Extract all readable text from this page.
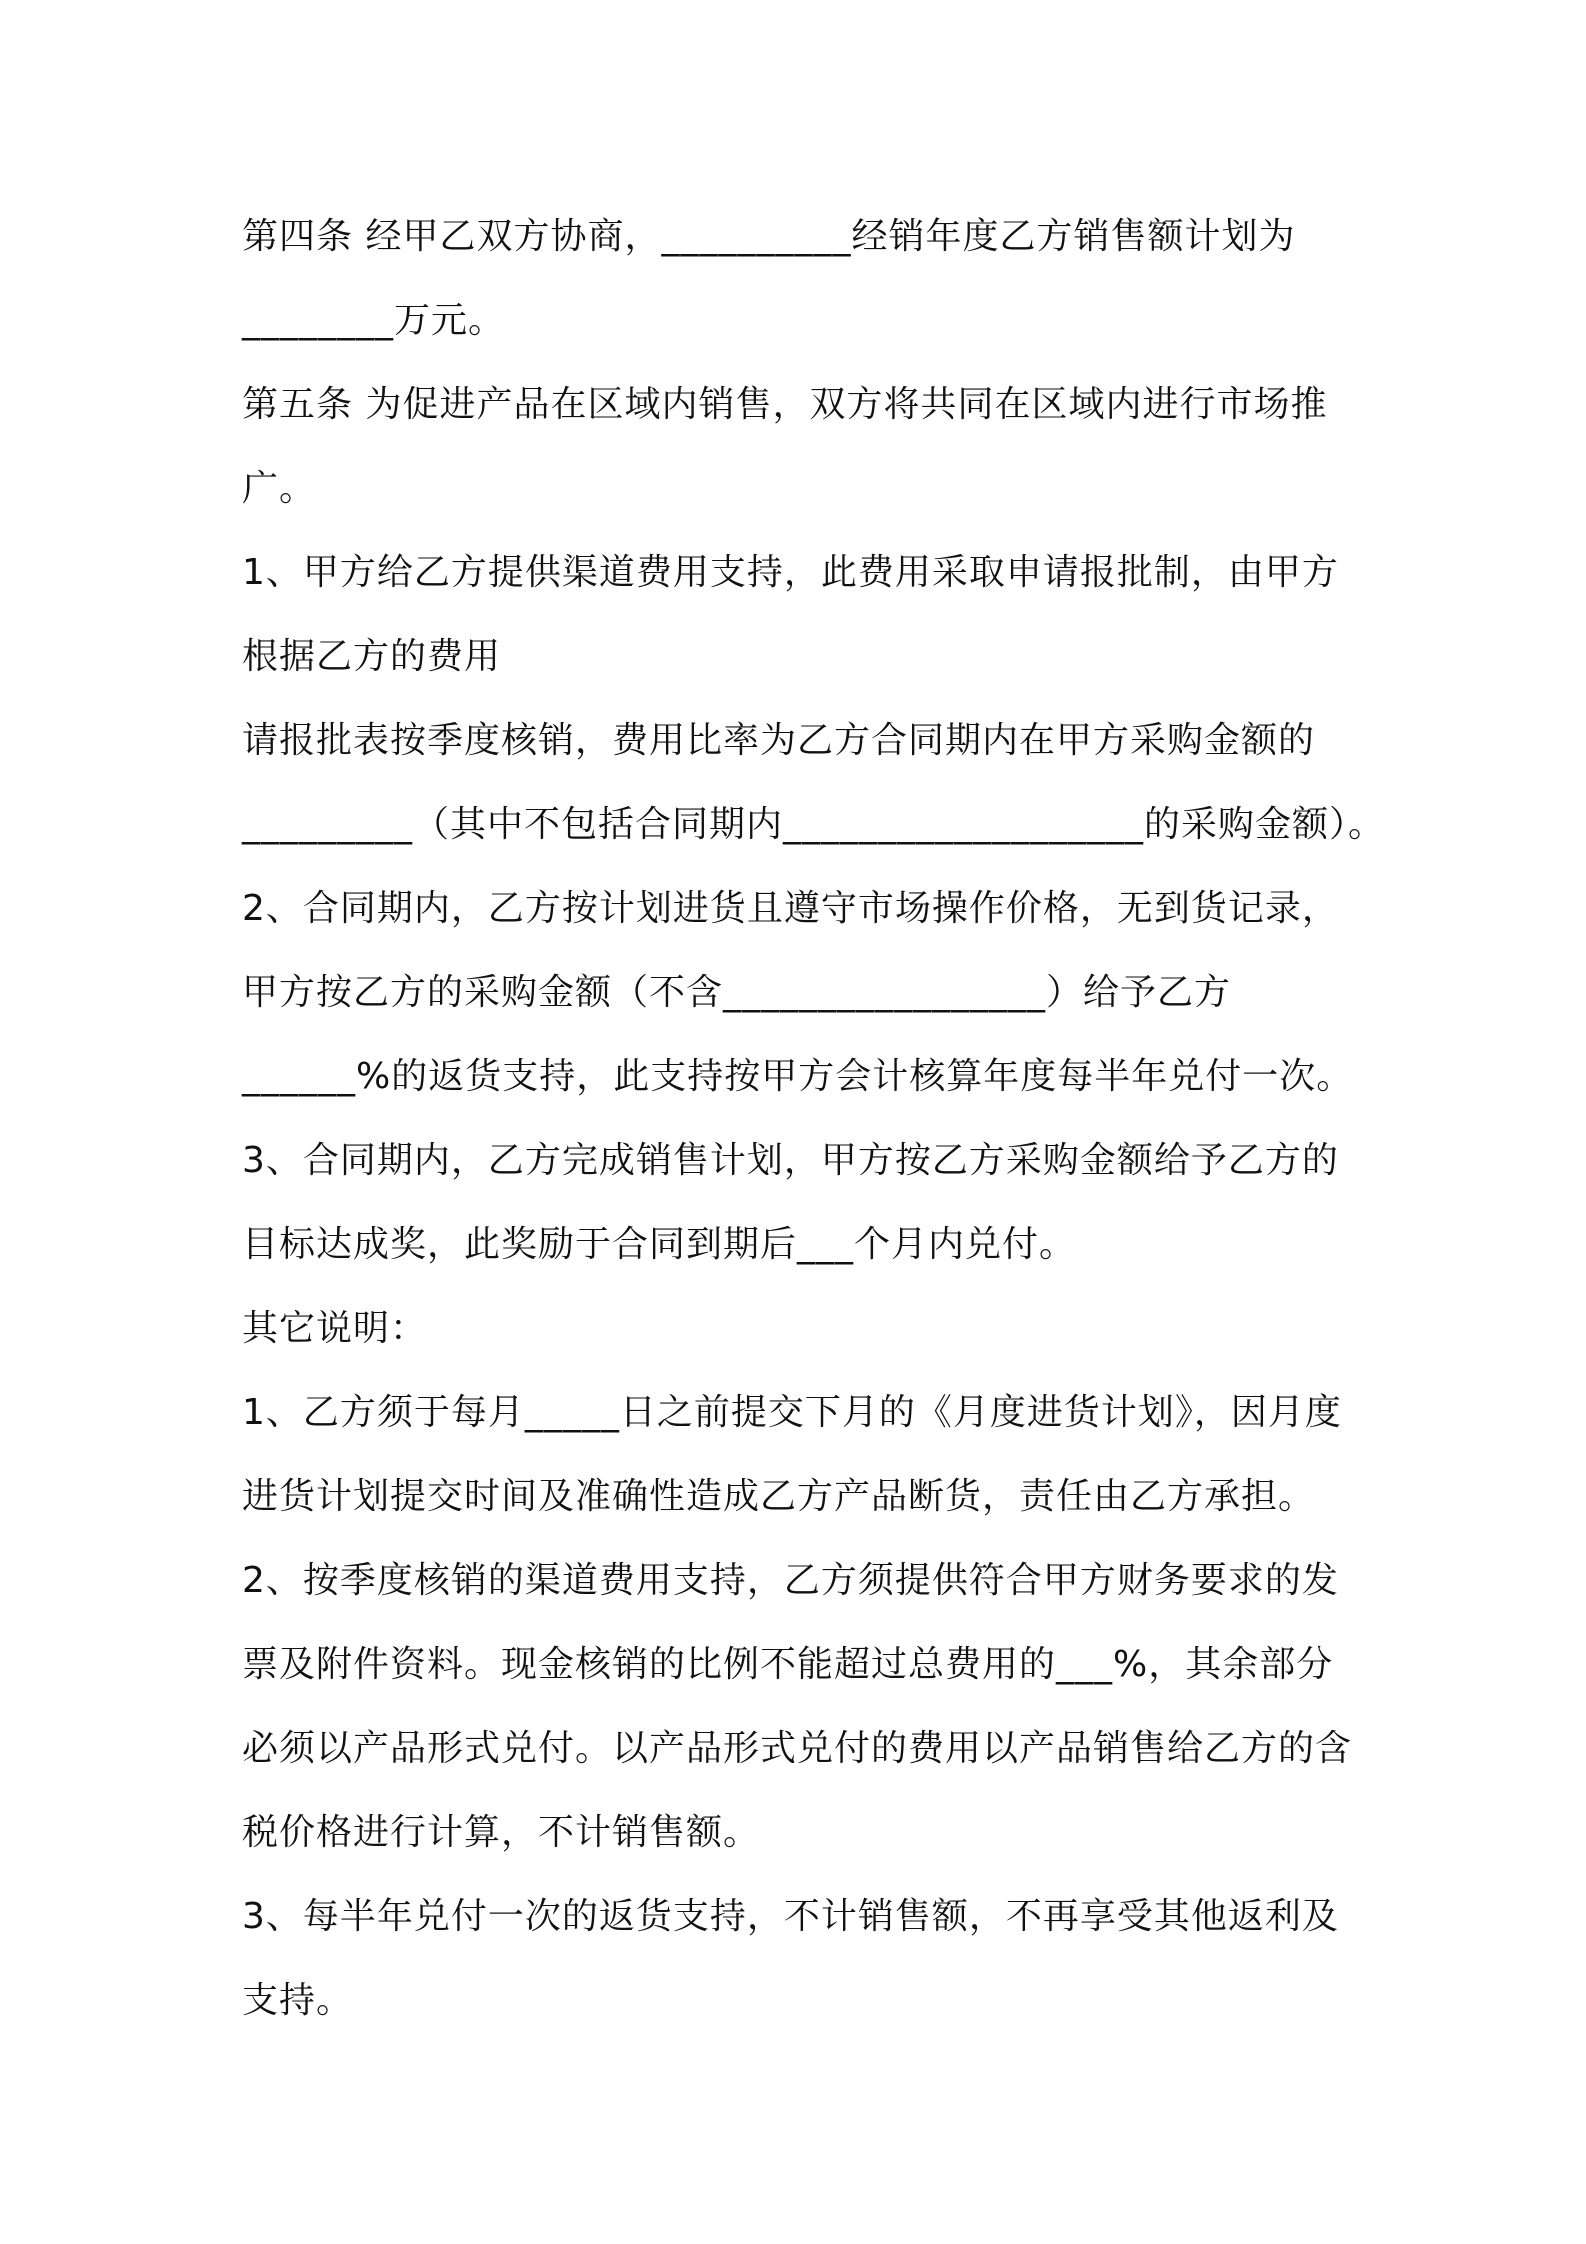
第四条 经甲乙双方协商，__________经销年度乙方销售额计划为
________万元。
第五条 为促进产品在区域内销售，双方将共同在区域内进行市场推
广。
1、甲方给乙方提供渠道费用支持，此费用采取申请报批制，由甲方
根据乙方的费用
请报批表按季度核销，费用比率为乙方合同期内在甲方采购金额的
_________（其中不包括合同期内___________________的采购金额）。
2、合同期内，乙方按计划进货且遵守市场操作价格，无到货记录，
甲方按乙方的采购金额（不含_________________）给予乙方
______%的返货支持，此支持按甲方会计核算年度每半年兑付一次。
3、合同期内，乙方完成销售计划，甲方按乙方采购金额给予乙方的
目标达成奖，此奖励于合同到期后___个月内兑付。
其它说明：
1、乙方须于每月_____日之前提交下月的《月度进货计划》，因月度
进货计划提交时间及准确性造成乙方产品断货，责任由乙方承担。
2、按季度核销的渠道费用支持，乙方须提供符合甲方财务要求的发
票及附件资料。现金核销的比例不能超过总费用的___%，其余部分
必须以产品形式兑付。以产品形式兑付的费用以产品销售给乙方的含
税价格进行计算，不计销售额。
3、每半年兑付一次的返货支持，不计销售额，不再享受其他返利及
支持。
